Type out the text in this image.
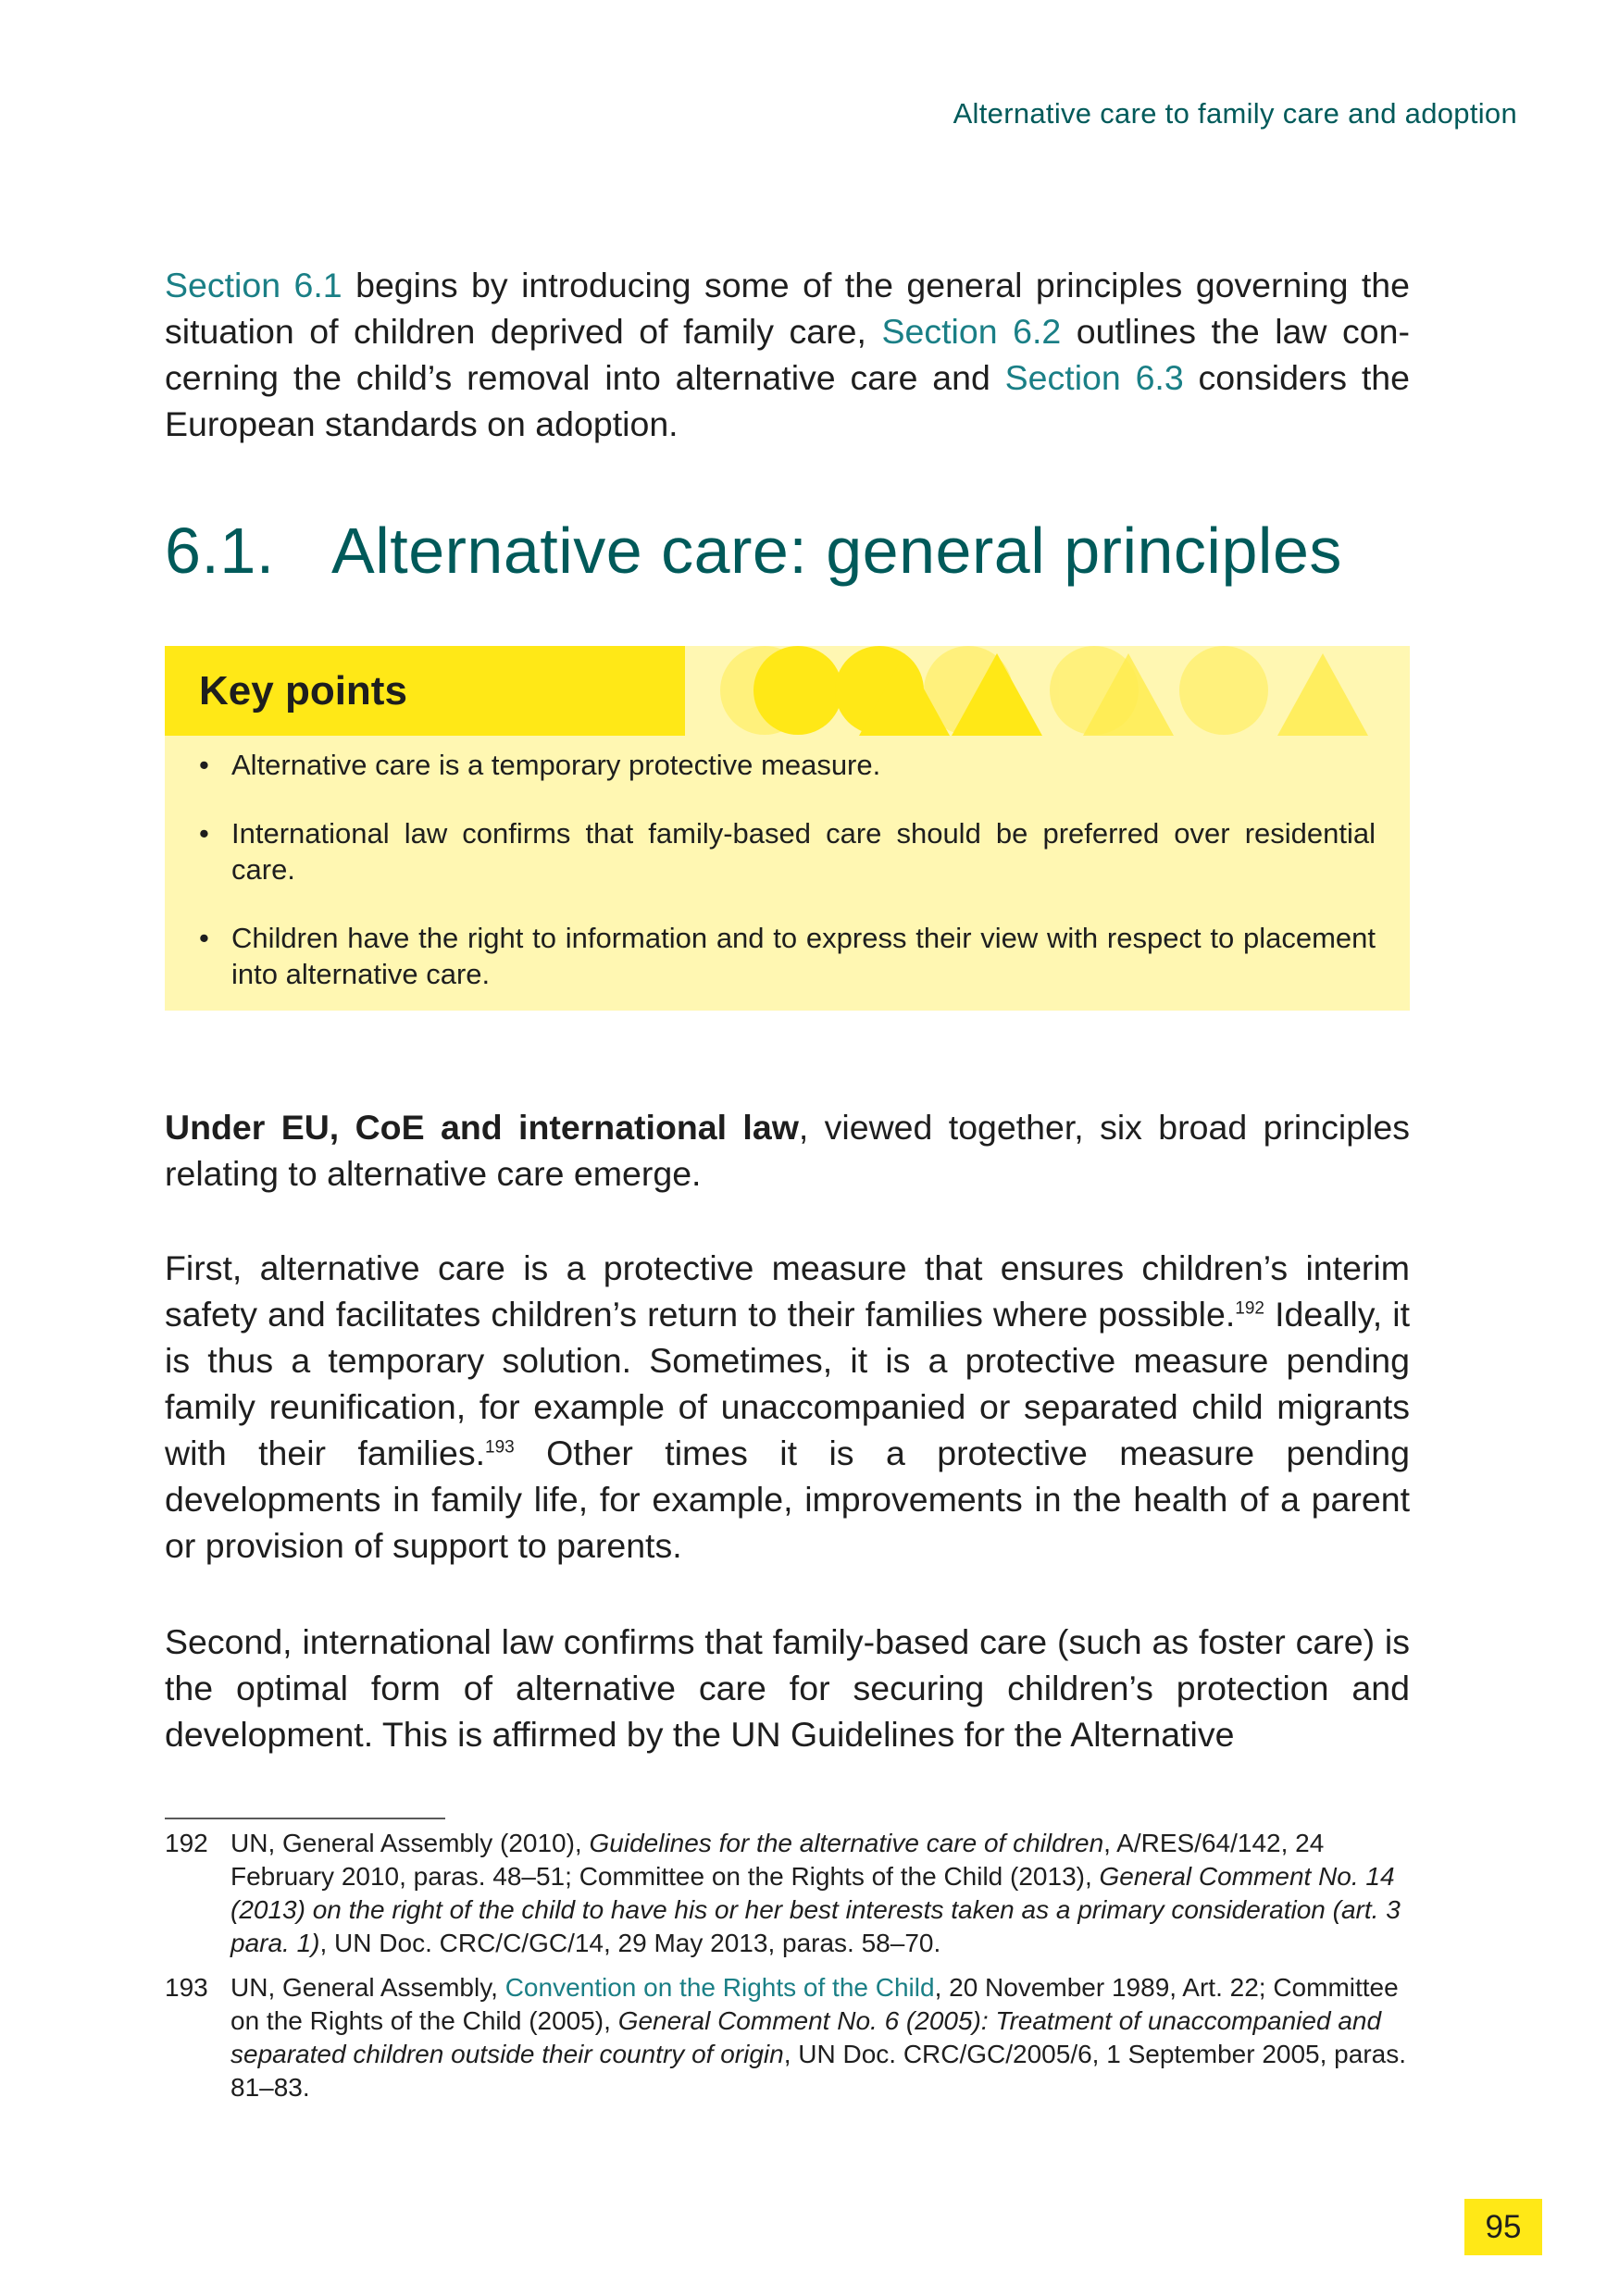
Alternative care to family care and adoption

Section 6.1 begins by introducing some of the general principles governing the situation of children deprived of family care, Section 6.2 outlines the law concerning the child’s removal into alternative care and Section 6.3 considers the European standards on adoption.

6.1. Alternative care: general principles
Key points

• Alternative care is a temporary protective measure.

• International law confirms that family-based care should be preferred over residential care.

• Children have the right to information and to express their view with respect to placement into alternative care.

Under EU, CoE and international law, viewed together, six broad principles relating to alternative care emerge.

First, alternative care is a protective measure that ensures children’s interim safety and facilitates children’s return to their families where possible.$^{192}$ Ideally, it is thus a temporary solution. Sometimes, it is a protective measure pending family reunification, for example of unaccompanied or separated child migrants with their families.$^{193}$ Other times it is a protective measure pending developments in family life, for example, improvements in the health of a parent or provision of support to parents.

Second, international law confirms that family-based care (such as foster care) is the optimal form of alternative care for securing children’s protection and development. This is affirmed by the UN Guidelines for the Alternative

192 UN, General Assembly (2010), Guidelines for the alternative care of children, A/RES/64/142, 24 February 2010, paras. 48–51; Committee on the Rights of the Child (2013), General Comment No. 14 (2013) on the right of the child to have his or her best interests taken as a primary consideration (art. 3 para. 1), UN Doc. CRC/C/GC/14, 29 May 2013, paras. 58–70.

193 UN, General Assembly, Convention on the Rights of the Child, 20 November 1989, Art. 22; Committee on the Rights of the Child (2005), General Comment No. 6 (2005): Treatment of unaccompanied and separated children outside their country of origin, UN Doc. CRC/GC/2005/6, 1 September 2005, paras. 81–83.

95
